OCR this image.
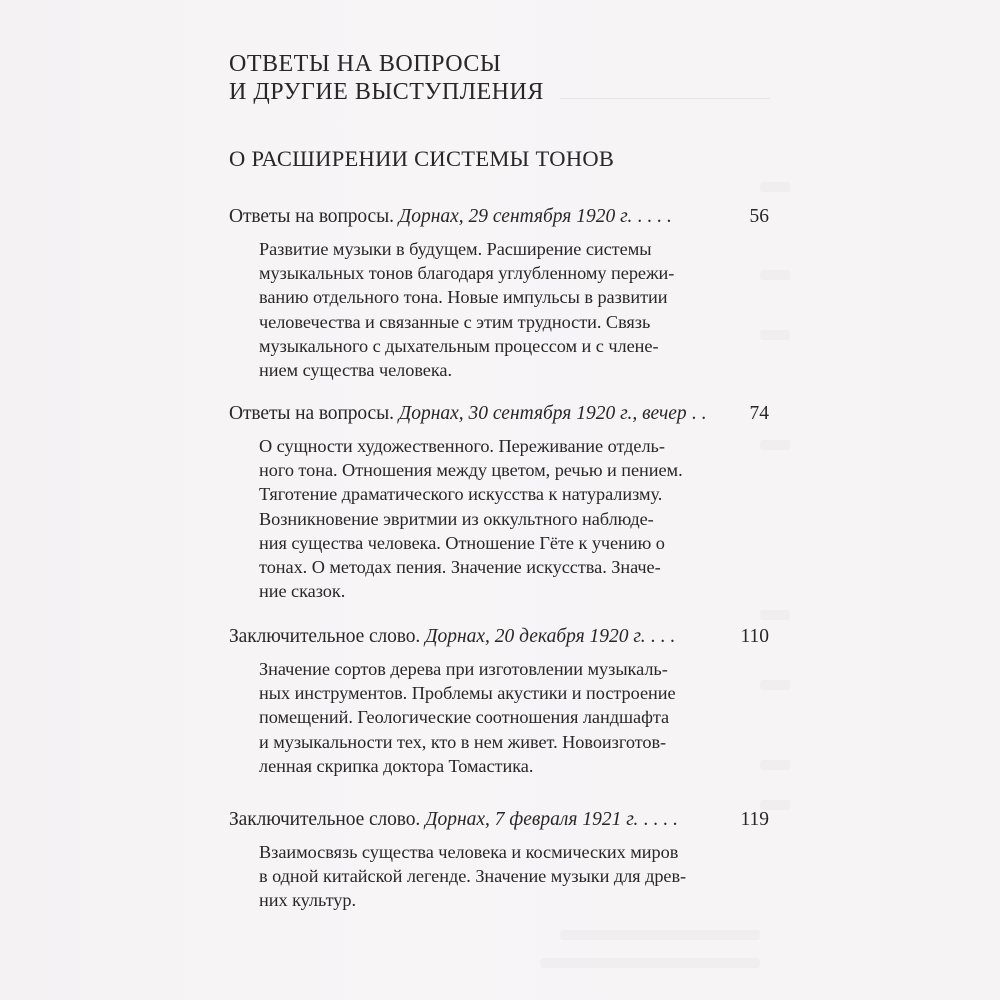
ОТВЕТЫ НА ВОПРОСЫ
И ДРУГИЕ ВЫСТУПЛЕНИЯ
О РАСШИРЕНИИ СИСТЕМЫ ТОНОВ
Ответы на вопросы. Дорнах, 29 сентября 1920 г. . . . .	56
Развитие музыки в будущем. Расширение системы
музыкальных тонов благодаря углубленному пережи-
ванию отдельного тона. Новые импульсы в развитии
человечества и связанные с этим трудности. Связь
музыкального с дыхательным процессом и с члене-
нием существа человека.
Ответы на вопросы. Дорнах, 30 сентября 1920 г., вечер . . 74
О сущности художественного. Переживание отдель-
ного тона. Отношения между цветом, речью и пением.
Тяготение драматического искусства к натурализму.
Возникновение эвритмии из оккультного наблюде-
ния существа человека. Отношение Гёте к учению о
тонах. О методах пения. Значение искусства. Значе-
ние сказок.
Заключительное слово. Дорнах, 20 декабря 1920 г. . . .	110
Значение сортов дерева при изготовлении музыкаль-
ных инструментов. Проблемы акустики и построение
помещений. Геологические соотношения ландшафта
и музыкальности тех, кто в нем живет. Новоизготов-
ленная скрипка доктора Томастика.
Заключительное слово. Дорнах, 7 февраля 1921 г. . . . .	119
Взаимосвязь существа человека и космических миров
в одной китайской легенде. Значение музыки для древ-
них культур.
